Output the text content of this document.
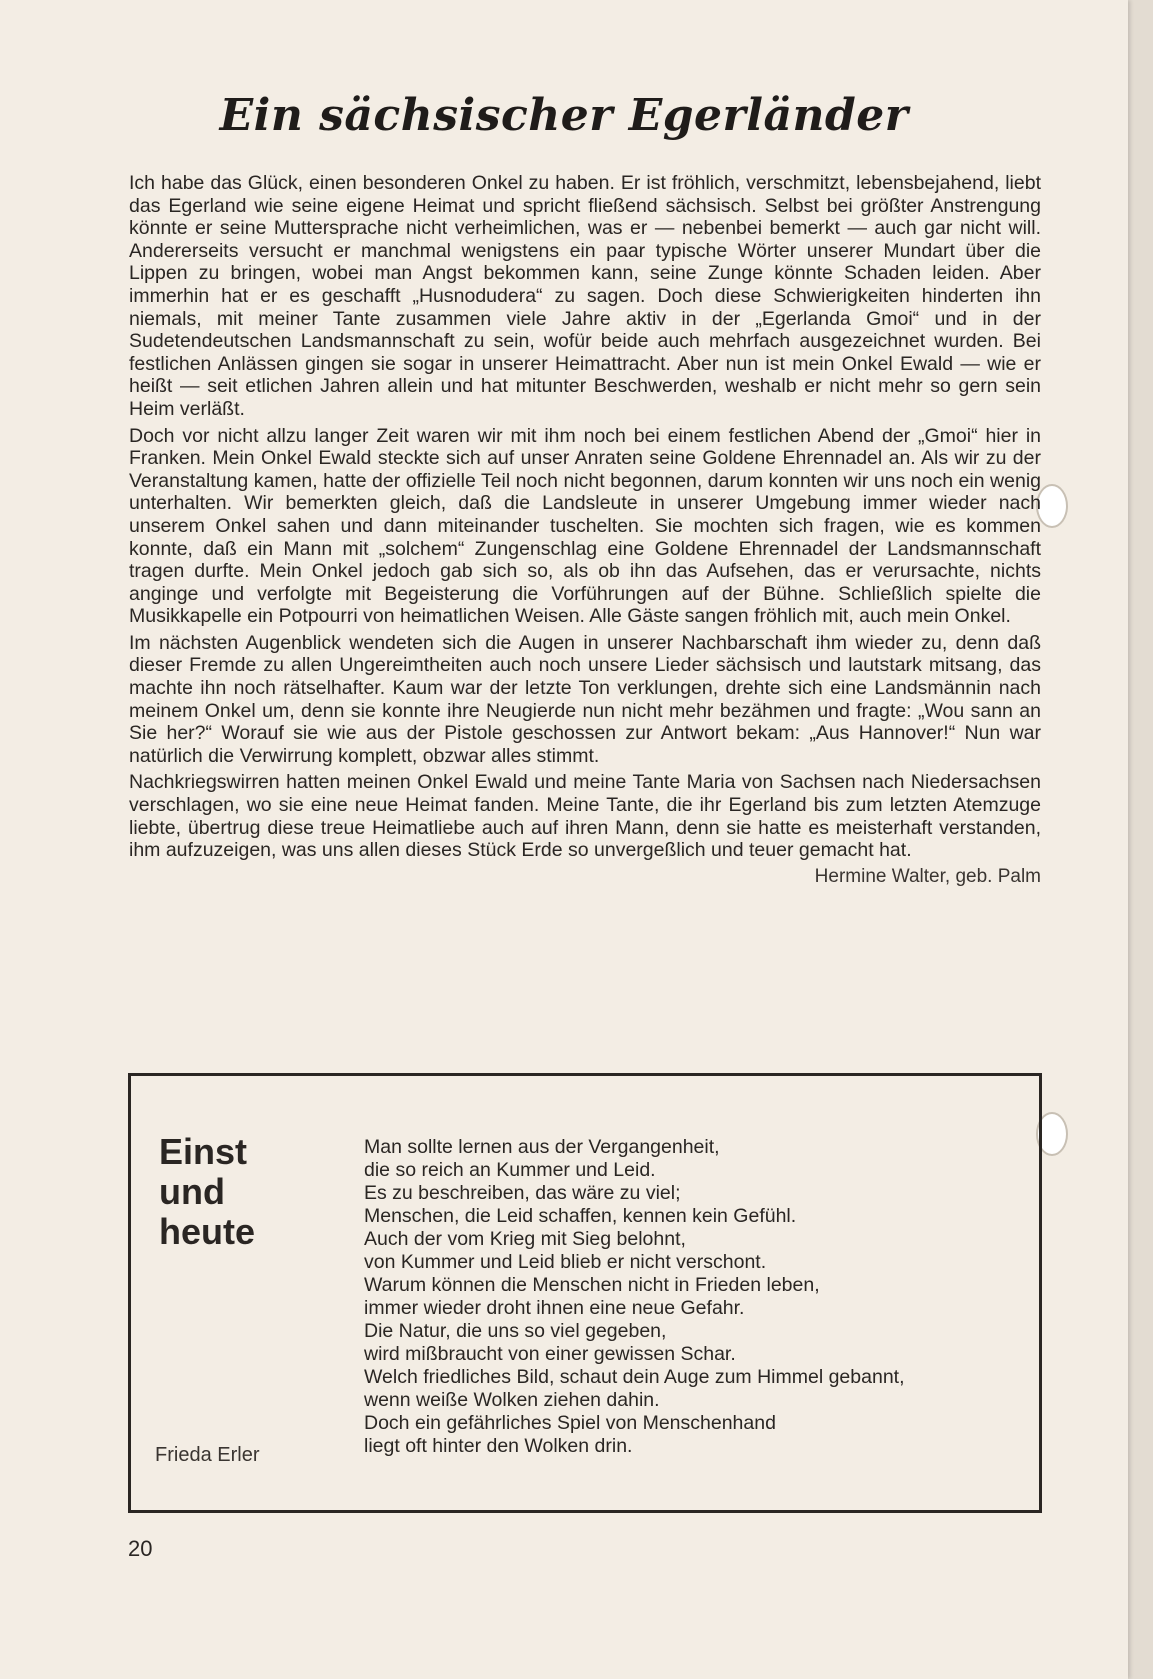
Ein sächsischer Egerländer

Ich habe das Glück, einen besonderen Onkel zu haben. Er ist fröhlich, verschmitzt, lebensbejahend, liebt das Egerland wie seine eigene Heimat und spricht fließend sächsisch. Selbst bei größter Anstrengung könnte er seine Muttersprache nicht verheimlichen, was er — nebenbei bemerkt — auch gar nicht will. Andererseits versucht er manchmal wenigstens ein paar typische Wörter unserer Mundart über die Lippen zu bringen, wobei man Angst bekommen kann, seine Zunge könnte Schaden leiden. Aber immerhin hat er es geschafft „Husnodudera“ zu sagen. Doch diese Schwierigkeiten hinderten ihn niemals, mit meiner Tante zusammen viele Jahre aktiv in der „Egerlanda Gmoi“ und in der Sudetendeutschen Landsmannschaft zu sein, wofür beide auch mehrfach ausgezeichnet wurden. Bei festlichen Anlässen gingen sie sogar in unserer Heimattracht. Aber nun ist mein Onkel Ewald — wie er heißt — seit etlichen Jahren allein und hat mitunter Beschwerden, weshalb er nicht mehr so gern sein Heim verläßt.

Doch vor nicht allzu langer Zeit waren wir mit ihm noch bei einem festlichen Abend der „Gmoi“ hier in Franken. Mein Onkel Ewald steckte sich auf unser Anraten seine Goldene Ehrennadel an. Als wir zu der Veranstaltung kamen, hatte der offizielle Teil noch nicht begonnen, darum konnten wir uns noch ein wenig unterhalten. Wir bemerkten gleich, daß die Landsleute in unserer Umgebung immer wieder nach unserem Onkel sahen und dann miteinander tuschelten. Sie mochten sich fragen, wie es kommen konnte, daß ein Mann mit „solchem“ Zungenschlag eine Goldene Ehrennadel der Landsmannschaft tragen durfte. Mein Onkel jedoch gab sich so, als ob ihn das Aufsehen, das er verursachte, nichts anginge und verfolgte mit Begeisterung die Vorführungen auf der Bühne. Schließlich spielte die Musikkapelle ein Potpourri von heimatlichen Weisen. Alle Gäste sangen fröhlich mit, auch mein Onkel.

Im nächsten Augenblick wendeten sich die Augen in unserer Nachbarschaft ihm wieder zu, denn daß dieser Fremde zu allen Ungereimtheiten auch noch unsere Lieder sächsisch und lautstark mitsang, das machte ihn noch rätselhafter. Kaum war der letzte Ton verklungen, drehte sich eine Landsmännin nach meinem Onkel um, denn sie konnte ihre Neugierde nun nicht mehr bezähmen und fragte: „Wou sann an Sie her?“ Worauf sie wie aus der Pistole geschossen zur Antwort bekam: „Aus Hannover!“ Nun war natürlich die Verwirrung komplett, obzwar alles stimmt.

Nachkriegswirren hatten meinen Onkel Ewald und meine Tante Maria von Sachsen nach Niedersachsen verschlagen, wo sie eine neue Heimat fanden. Meine Tante, die ihr Egerland bis zum letzten Atemzuge liebte, übertrug diese treue Heimatliebe auch auf ihren Mann, denn sie hatte es meisterhaft verstanden, ihm aufzuzeigen, was uns allen dieses Stück Erde so unvergeßlich und teuer gemacht hat.

Hermine Walter, geb. Palm
Einst
und
heute
Man sollte lernen aus der Vergangenheit,
die so reich an Kummer und Leid.
Es zu beschreiben, das wäre zu viel;
Menschen, die Leid schaffen, kennen kein Gefühl.
Auch der vom Krieg mit Sieg belohnt,
von Kummer und Leid blieb er nicht verschont.
Warum können die Menschen nicht in Frieden leben,
immer wieder droht ihnen eine neue Gefahr.
Die Natur, die uns so viel gegeben,
wird mißbraucht von einer gewissen Schar.
Welch friedliches Bild, schaut dein Auge zum Himmel gebannt,
wenn weiße Wolken ziehen dahin.
Doch ein gefährliches Spiel von Menschenhand
liegt oft hinter den Wolken drin.
Frieda Erler
20
